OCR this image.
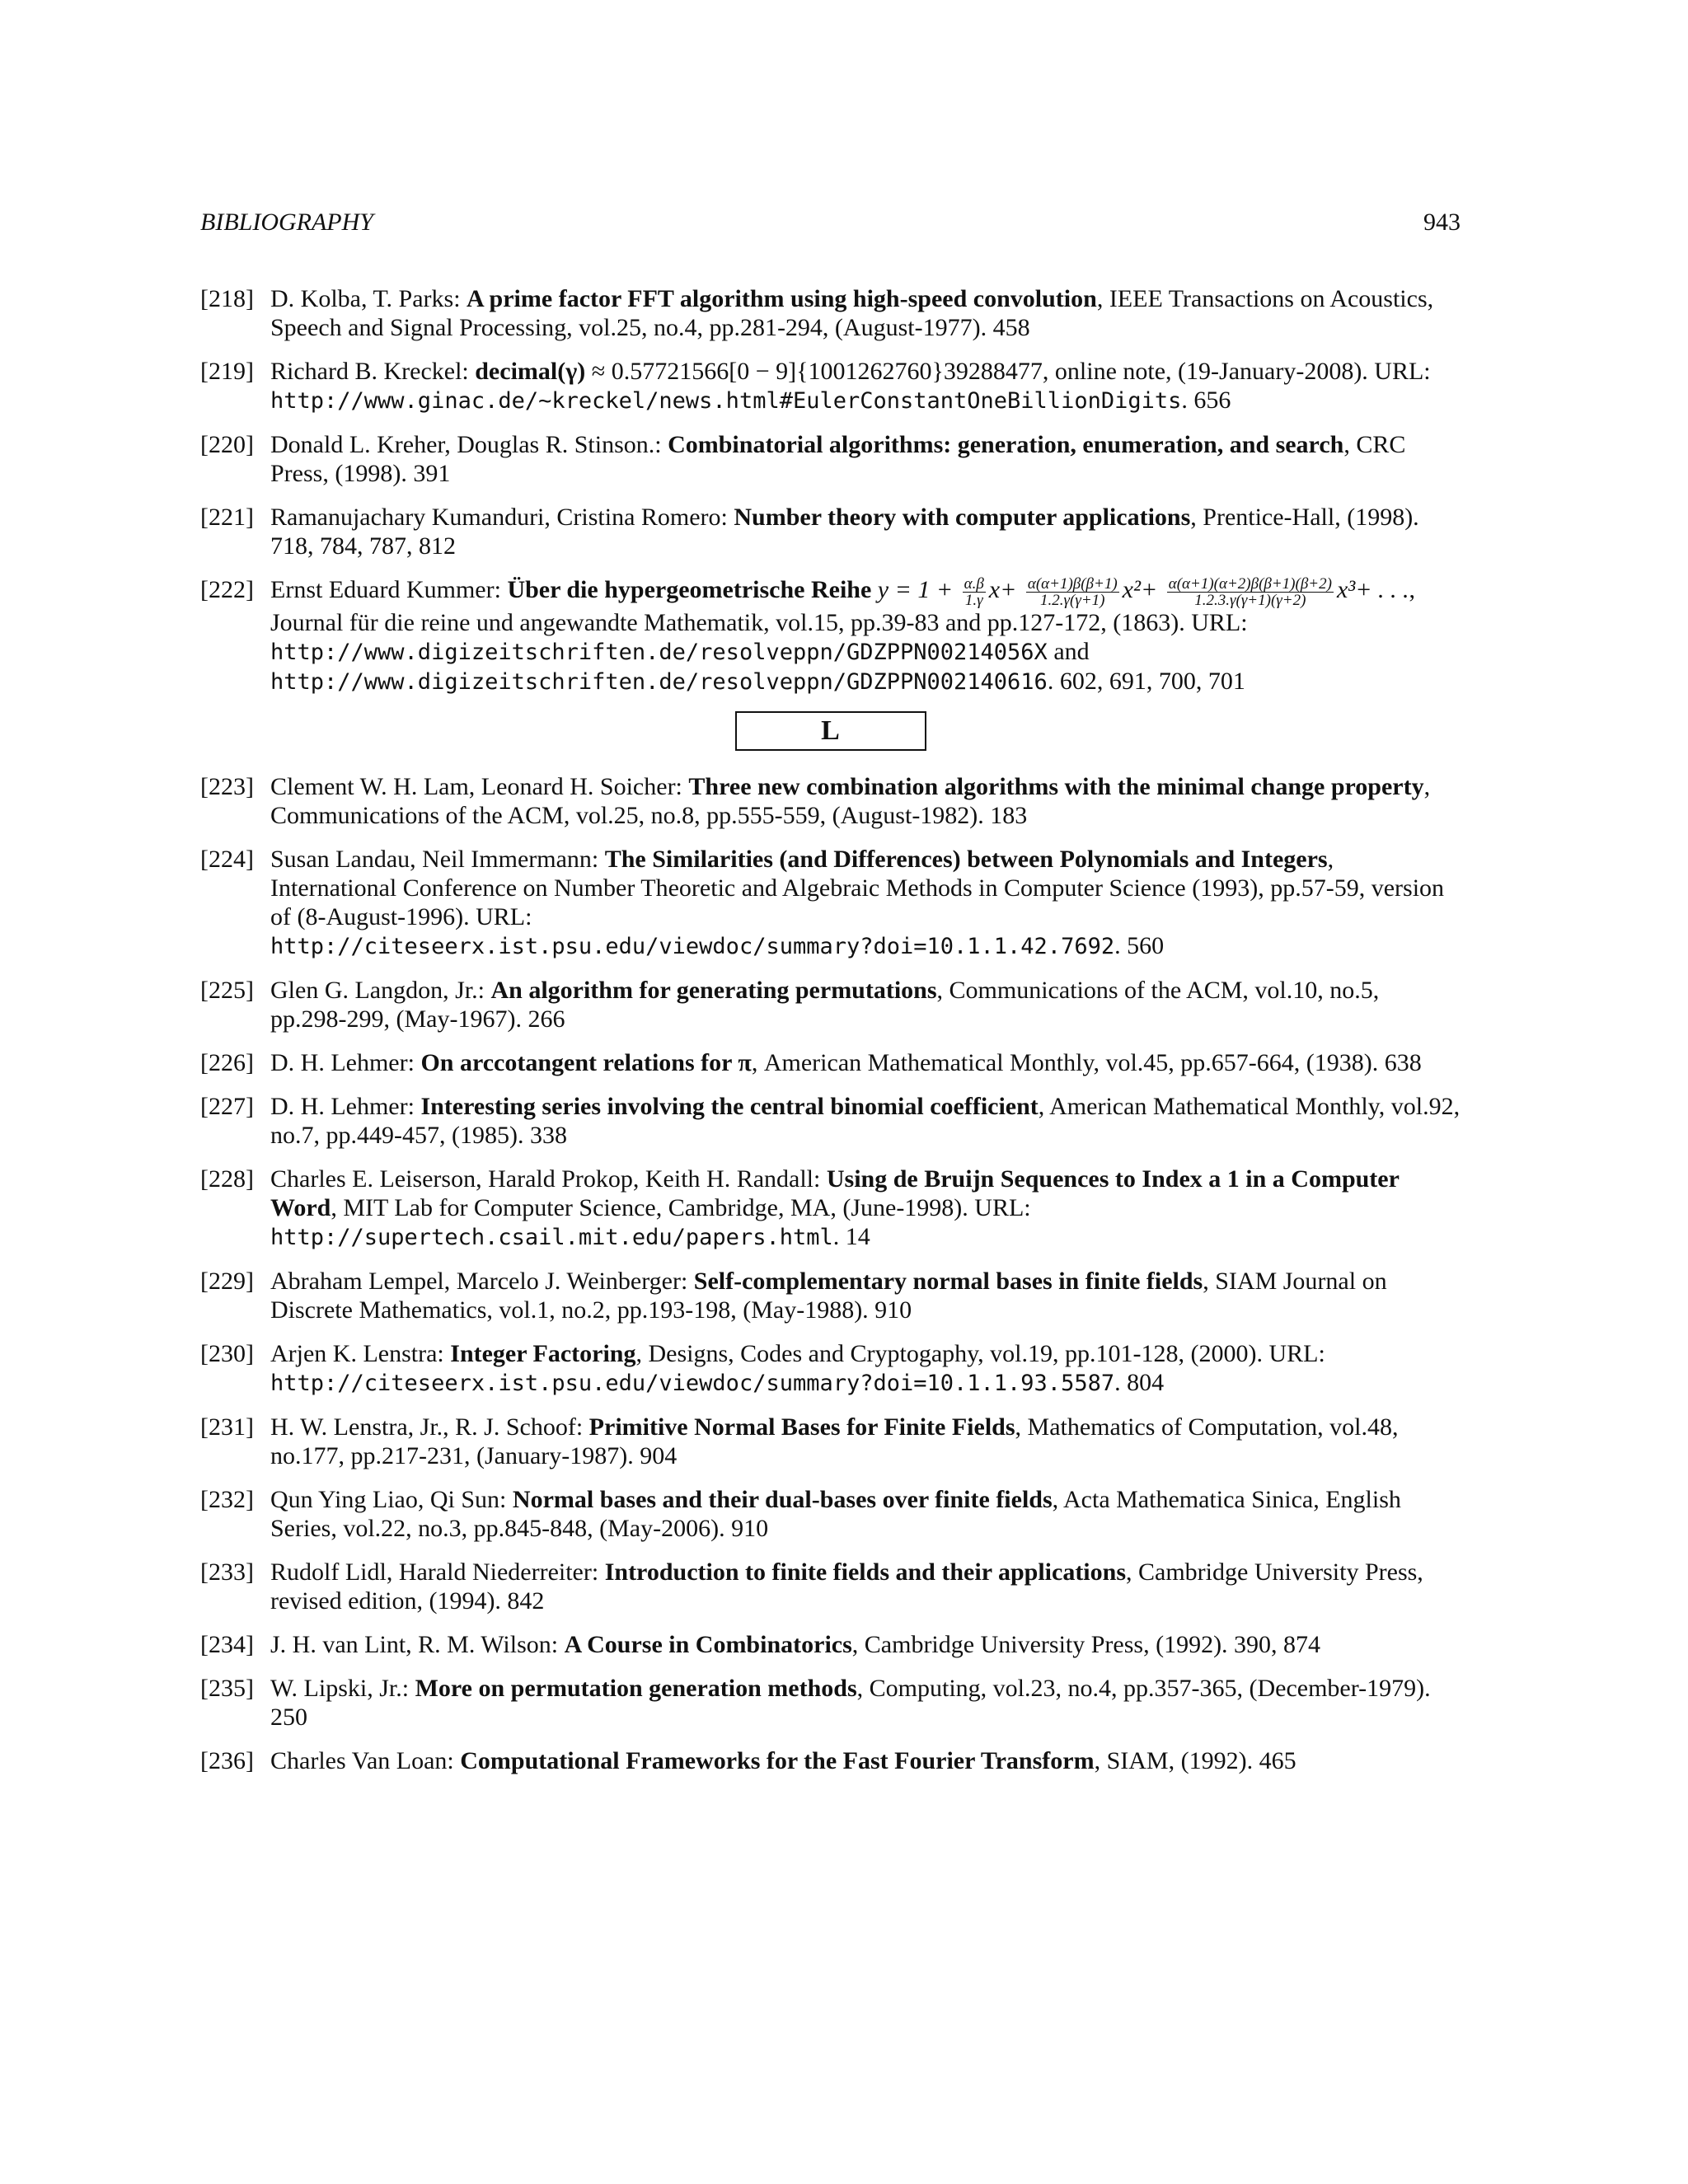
BIBLIOGRAPHY	943
[218] D. Kolba, T. Parks: A prime factor FFT algorithm using high-speed convolution, IEEE Transactions on Acoustics, Speech and Signal Processing, vol.25, no.4, pp.281-294, (August-1977). 458
[219] Richard B. Kreckel: decimal(γ) ≈ 0.57721566[0 − 9]{1001262760}39288477, online note, (19-January-2008). URL:
http://www.ginac.de/~kreckel/news.html#EulerConstantOneBillionDigits. 656
[220] Donald L. Kreher, Douglas R. Stinson.: Combinatorial algorithms: generation, enumeration, and search, CRC Press, (1998). 391
[221] Ramanujachary Kumanduri, Cristina Romero: Number theory with computer applications, Prentice-Hall, (1998). 718, 784, 787, 812
[222] Ernst Eduard Kummer: Über die hypergeometrische Reihe $y = 1 + \frac{\alpha.\beta}{1.\gamma} x+ \frac{\alpha(\alpha+1)\beta(\beta+1)}{1.2.\gamma(\gamma+1)} x^2+ \frac{\alpha(\alpha+1)(\alpha+2)\beta(\beta+1)(\beta+2)}{1.2.3.\gamma(\gamma+1)(\gamma+2)} x^3+$ . . ., Journal für die reine und angewandte Mathematik, vol.15, pp.39-83 and pp.127-172, (1863). URL:
http://www.digizeitschriften.de/resolveppn/GDZPPN00214056X and
http://www.digizeitschriften.de/resolveppn/GDZPPN002140616. 602, 691, 700, 701
L
[223] Clement W. H. Lam, Leonard H. Soicher: Three new combination algorithms with the minimal change property, Communications of the ACM, vol.25, no.8, pp.555-559, (August-1982). 183
[224] Susan Landau, Neil Immermann: The Similarities (and Differences) between Polynomials and Integers, International Conference on Number Theoretic and Algebraic Methods in Computer Science (1993), pp.57-59, version of (8-August-1996). URL:
http://citeseerx.ist.psu.edu/viewdoc/summary?doi=10.1.1.42.7692. 560
[225] Glen G. Langdon, Jr.: An algorithm for generating permutations, Communications of the ACM, vol.10, no.5, pp.298-299, (May-1967). 266
[226] D. H. Lehmer: On arccotangent relations for π, American Mathematical Monthly, vol.45, pp.657-664, (1938). 638
[227] D. H. Lehmer: Interesting series involving the central binomial coefficient, American Mathematical Monthly, vol.92, no.7, pp.449-457, (1985). 338
[228] Charles E. Leiserson, Harald Prokop, Keith H. Randall: Using de Bruijn Sequences to Index a 1 in a Computer Word, MIT Lab for Computer Science, Cambridge, MA, (June-1998). URL:
http://supertech.csail.mit.edu/papers.html. 14
[229] Abraham Lempel, Marcelo J. Weinberger: Self-complementary normal bases in finite fields, SIAM Journal on Discrete Mathematics, vol.1, no.2, pp.193-198, (May-1988). 910
[230] Arjen K. Lenstra: Integer Factoring, Designs, Codes and Cryptogaphy, vol.19, pp.101-128, (2000). URL: http://citeseerx.ist.psu.edu/viewdoc/summary?doi=10.1.1.93.5587. 804
[231] H. W. Lenstra, Jr., R. J. Schoof: Primitive Normal Bases for Finite Fields, Mathematics of Computation, vol.48, no.177, pp.217-231, (January-1987). 904
[232] Qun Ying Liao, Qi Sun: Normal bases and their dual-bases over finite fields, Acta Mathematica Sinica, English Series, vol.22, no.3, pp.845-848, (May-2006). 910
[233] Rudolf Lidl, Harald Niederreiter: Introduction to finite fields and their applications, Cambridge University Press, revised edition, (1994). 842
[234] J. H. van Lint, R. M. Wilson: A Course in Combinatorics, Cambridge University Press, (1992). 390, 874
[235] W. Lipski, Jr.: More on permutation generation methods, Computing, vol.23, no.4, pp.357-365, (December-1979). 250
[236] Charles Van Loan: Computational Frameworks for the Fast Fourier Transform, SIAM, (1992). 465
